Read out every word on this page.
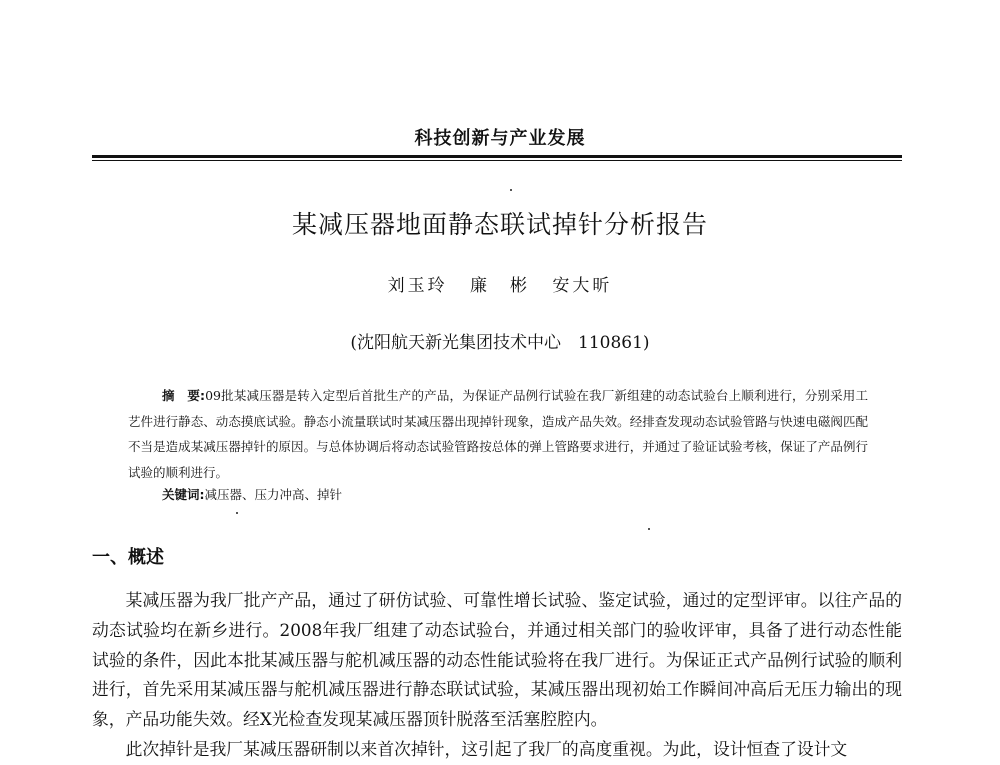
科技创新与产业发展
某减压器地面静态联试掉针分析报告
刘玉玲 廉　彬 安大昕
(沈阳航天新光集团技术中心　110861)
摘　要:09批某减压器是转入定型后首批生产的产品，为保证产品例行试验在我厂新组建的动态试验台上顺利进行，分别采用工艺件进行静态、动态摸底试验。静态小流量联试时某减压器出现掉针现象，造成产品失效。经排查发现动态试验管路与快速电磁阀匹配不当是造成某减压器掉针的原因。与总体协调后将动态试验管路按总体的弹上管路要求进行，并通过了验证试验考核，保证了产品例行试验的顺利进行。
关键词:减压器、压力冲高、掉针
一、概述

某减压器为我厂批产产品，通过了研仿试验、可靠性增长试验、鉴定试验，通过的定型评审。以往产品的动态试验均在新乡进行。2008年我厂组建了动态试验台，并通过相关部门的验收评审，具备了进行动态性能试验的条件，因此本批某减压器与舵机减压器的动态性能试验将在我厂进行。为保证正式产品例行试验的顺利进行，首先采用某减压器与舵机减压器进行静态联试试验，某减压器出现初始工作瞬间冲高后无压力输出的现象，产品功能失效。经X光检查发现某减压器顶针脱落至活塞腔腔内。

此次掉针是我厂某减压器研制以来首次掉针，这引起了我厂的高度重视。为此，设计恒查了设计文
